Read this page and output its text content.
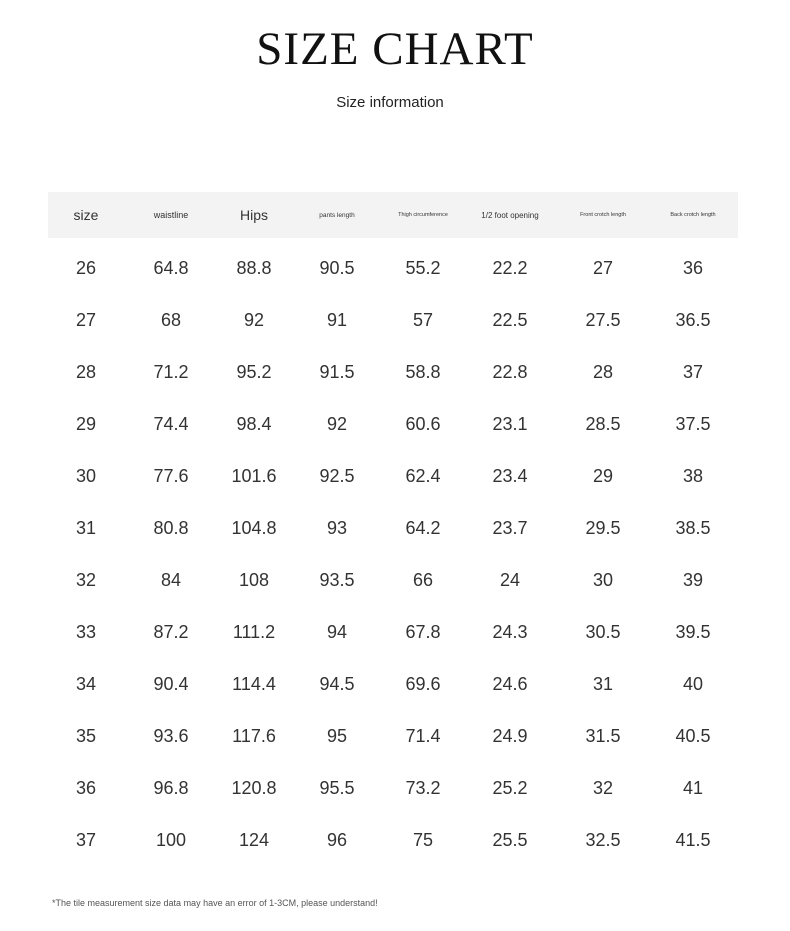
SIZE CHART
Size information
size	waistline	Hips	pants length	Thigh circumference	1/2 foot opening	Front crotch length	Back crotch length
26	64.8	88.8	90.5	55.2	22.2	27	36
27	68	92	91	57	22.5	27.5	36.5
28	71.2	95.2	91.5	58.8	22.8	28	37
29	74.4	98.4	92	60.6	23.1	28.5	37.5
30	77.6	101.6	92.5	62.4	23.4	29	38
31	80.8	104.8	93	64.2	23.7	29.5	38.5
32	84	108	93.5	66	24	30	39
33	87.2	111.2	94	67.8	24.3	30.5	39.5
34	90.4	114.4	94.5	69.6	24.6	31	40
35	93.6	117.6	95	71.4	24.9	31.5	40.5
36	96.8	120.8	95.5	73.2	25.2	32	41
37	100	124	96	75	25.5	32.5	41.5
*The tile measurement size data may have an error of 1-3CM, please understand!
